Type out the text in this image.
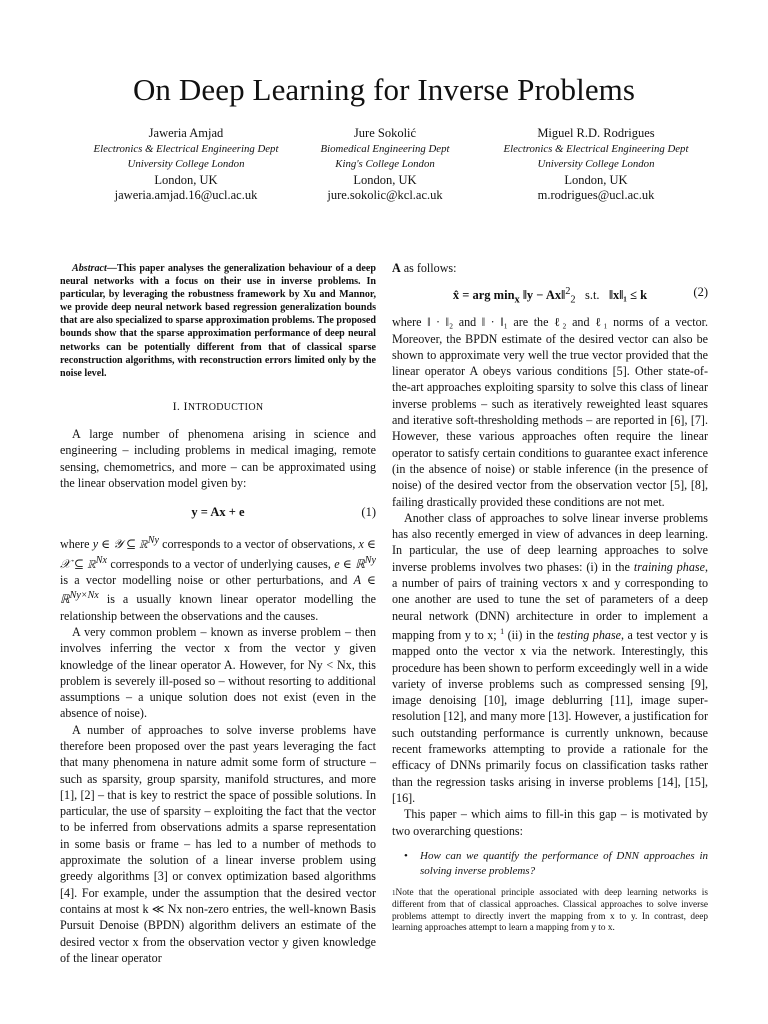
On Deep Learning for Inverse Problems
Jaweria Amjad
Electronics & Electrical Engineering Dept
University College London
London, UK
jaweria.amjad.16@ucl.ac.uk
Jure Sokolić
Biomedical Engineering Dept
King's College London
London, UK
jure.sokolic@kcl.ac.uk
Miguel R.D. Rodrigues
Electronics & Electrical Engineering Dept
University College London
London, UK
m.rodrigues@ucl.ac.uk

Abstract—This paper analyses the generalization behaviour of a deep neural networks with a focus on their use in inverse problems. In particular, by leveraging the robustness framework by Xu and Mannor, we provide deep neural network based regression generalization bounds that are also specialized to sparse approximation problems. The proposed bounds show that the sparse approximation performance of deep neural networks can be potentially different from that of classical sparse reconstruction algorithms, with reconstruction errors limited only by the noise level.

I. INTRODUCTION

A large number of phenomena arising in science and engineering – including problems in medical imaging, remote sensing, chemometrics, and more – can be approximated using the linear observation model given by:

y = Ax + e	(1)

where y ∈ 𝒴 ⊆ ℝ$^{Ny}$ corresponds to a vector of observations, x ∈ 𝒳 ⊆ ℝ$^{Nx}$ corresponds to a vector of underlying causes, e ∈ ℝ$^{Ny}$ is a vector modelling noise or other perturbations, and A ∈ ℝ$^{Ny\times Nx}$ is a usually known linear operator modelling the relationship between the observations and the causes.

A very common problem – known as inverse problem – then involves inferring the vector x from the vector y given knowledge of the linear operator A. However, for Ny < Nx, this problem is severely ill-posed so – without resorting to additional assumptions – a unique solution does not exist (even in the absence of noise).

A number of approaches to solve inverse problems have therefore been proposed over the past years leveraging the fact that many phenomena in nature admit some form of structure – such as sparsity, group sparsity, manifold structures, and more [1], [2] – that is key to restrict the space of possible solutions. In particular, the use of sparsity – exploiting the fact that the vector to be inferred from observations admits a sparse representation in some basis or frame – has led to a number of methods to approximate the solution of a linear inverse problem using greedy algorithms [3] or convex optimization based algorithms [4]. For example, under the assumption that the desired vector contains at most k ≪ Nx non-zero entries, the well-known Basis Pursuit Denoise (BPDN) algorithm delivers an estimate of the desired vector x from the observation vector y given knowledge of the linear operator

A as follows:

x̂ = arg $\min_x$ ‖y − Ax‖$^2_2$ s.t. ‖x‖₁ ≤ k	(2)

where ‖ · ‖₂ and ‖ · ‖₁ are the ℓ₂ and ℓ₁ norms of a vector. Moreover, the BPDN estimate of the desired vector can also be shown to approximate very well the true vector provided that the linear operator A obeys various conditions [5]. Other state-of-the-art approaches exploiting sparsity to solve this class of linear inverse problems – such as iteratively reweighted least squares and iterative soft-thresholding methods – are reported in [6], [7]. However, these various approaches often require the linear operator to satisfy certain conditions to guarantee exact inference (in the absence of noise) or stable inference (in the presence of noise) of the desired vector from the observation vector [5], [8], failing drastically provided these conditions are not met.

Another class of approaches to solve linear inverse problems has also recently emerged in view of advances in deep learning. In particular, the use of deep learning approaches to solve inverse problems involves two phases: (i) in the training phase, a number of pairs of training vectors x and y corresponding to one another are used to tune the set of parameters of a deep neural network (DNN) architecture in order to implement a mapping from y to x; $^1$ (ii) in the testing phase, a test vector y is mapped onto the vector x via the network. Interestingly, this procedure has been shown to perform exceedingly well in a wide variety of inverse problems such as compressed sensing [9], image denoising [10], image deblurring [11], image super-resolution [12], and many more [13]. However, a justification for such outstanding performance is currently unknown, because recent frameworks attempting to provide a rationale for the efficacy of DNNs primarily focus on classification tasks rather than the regression tasks arising in inverse problems [14], [15], [16].

This paper – which aims to fill-in this gap – is motivated by two overarching questions:

• How can we quantify the performance of DNN approaches in solving inverse problems?
$^1$Note that the operational principle associated with deep learning networks is different from that of classical approaches. Classical approaches to solve inverse problems attempt to directly invert the mapping from x to y. In contrast, deep learning approaches attempt to learn a mapping from y to x.
